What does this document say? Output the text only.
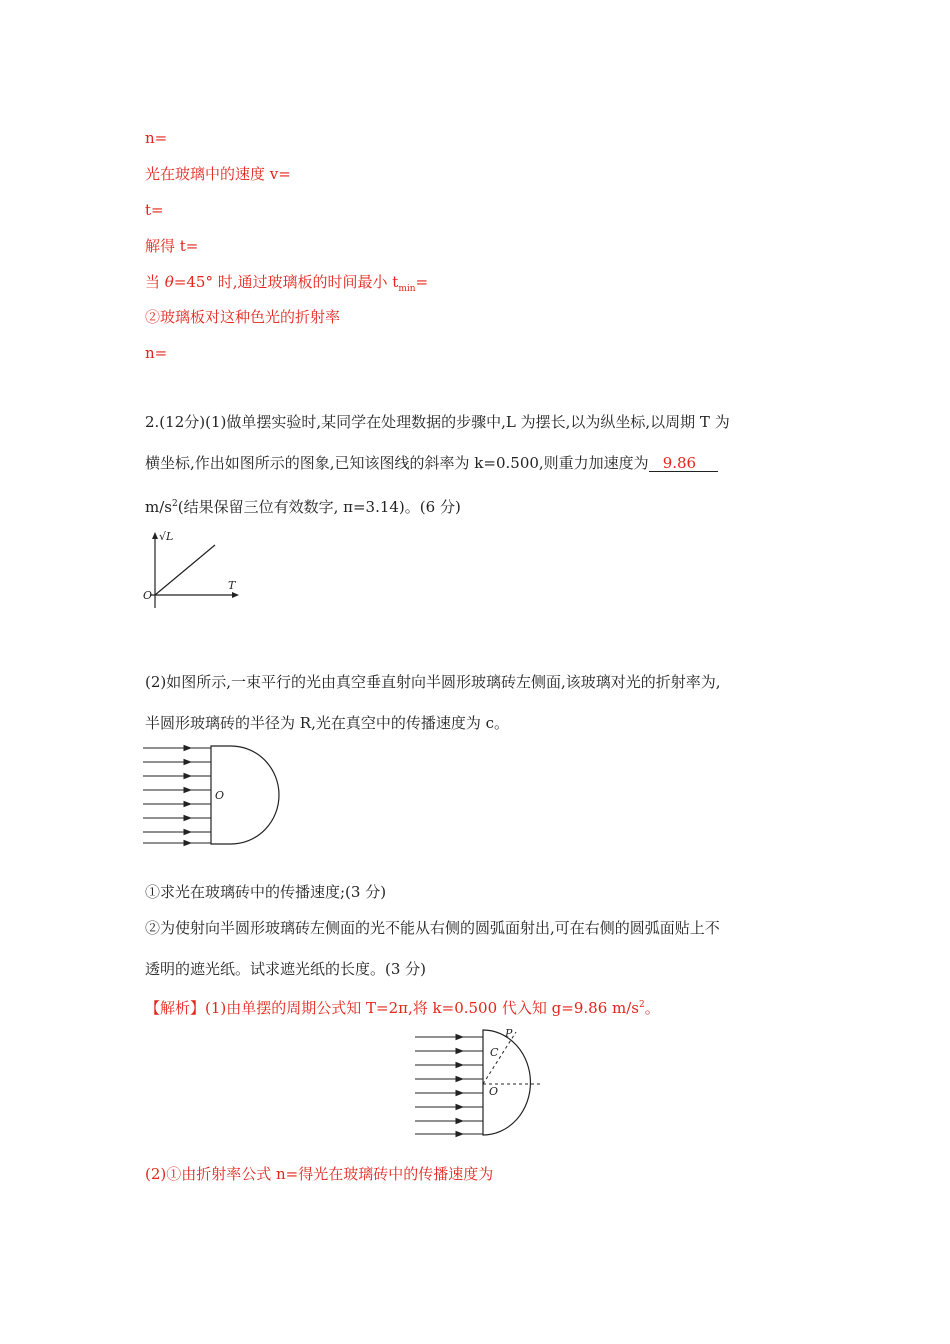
n=
光在玻璃中的速度 v=
t=
解得 t=
当 θ=45° 时,通过玻璃板的时间最小 $t_{min}=$
②玻璃板对这种色光的折射率
n=
2.(12分)(1)做单摆实验时,某同学在处理数据的步骤中,L 为摆长,以为纵坐标,以周期 T 为
横坐标,作出如图所示的图象,已知该图线的斜率为 k=0.500,则重力加速度为 9.86
$m/s^2$(结果保留三位有效数字, π=3.14)。(6 分)
√L
T
O
(2)如图所示,一束平行的光由真空垂直射向半圆形玻璃砖左侧面,该玻璃对光的折射率为,
半圆形玻璃砖的半径为 R,光在真空中的传播速度为 c。
O
①求光在玻璃砖中的传播速度;(3 分)
②为使射向半圆形玻璃砖左侧面的光不能从右侧的圆弧面射出,可在右侧的圆弧面贴上不
透明的遮光纸。试求遮光纸的长度。(3 分)
【解析】(1)由单摆的周期公式知 T=2π,将 k=0.500 代入知 g=9.86 $m/s^2$。
O
P
C
(2)①由折射率公式 n=得光在玻璃砖中的传播速度为
